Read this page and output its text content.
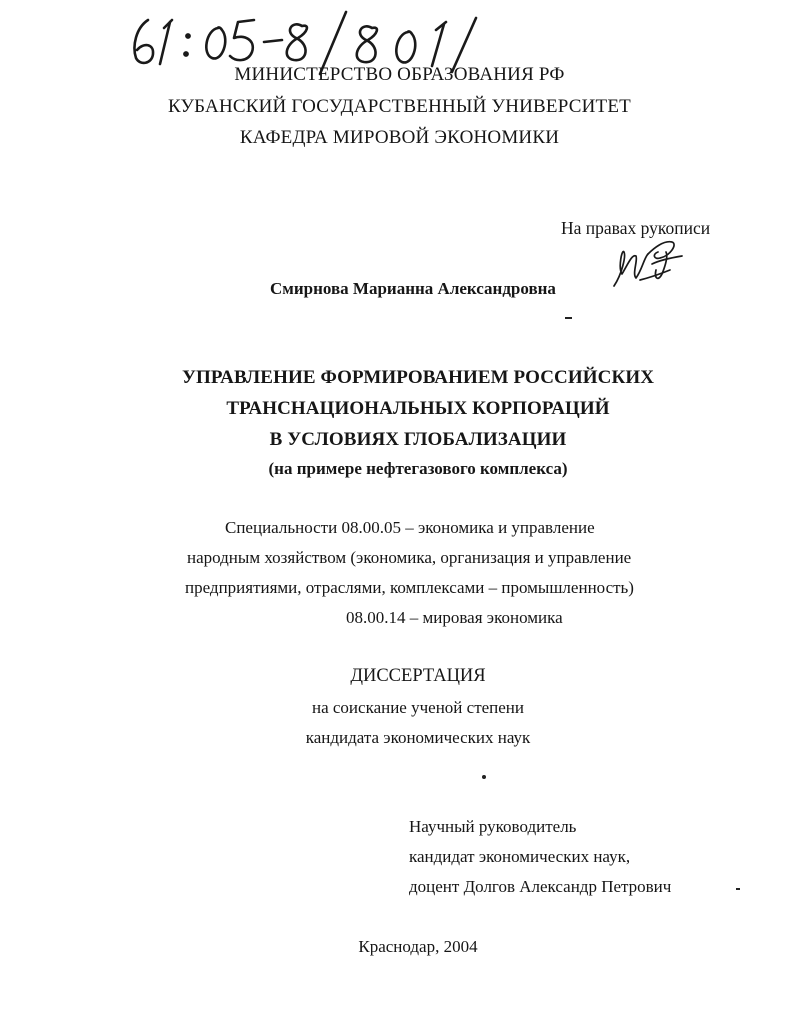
МИНИСТЕРСТВО ОБРАЗОВАНИЯ РФ
КУБАНСКИЙ ГОСУДАРСТВЕННЫЙ УНИВЕРСИТЕТ
КАФЕДРА МИРОВОЙ ЭКОНОМИКИ
На правах рукописи
Смирнова Марианна Александровна
УПРАВЛЕНИЕ ФОРМИРОВАНИЕМ РОССИЙСКИХ
ТРАНСНАЦИОНАЛЬНЫХ КОРПОРАЦИЙ
В УСЛОВИЯХ ГЛОБАЛИЗАЦИИ
(на примере нефтегазового комплекса)
Специальности 08.00.05 – экономика и управление
народным хозяйством (экономика, организация и управление
предприятиями, отраслями, комплексами – промышленность)
08.00.14 – мировая экономика
ДИССЕРТАЦИЯ
на соискание ученой степени
кандидата экономических наук
Научный руководитель
кандидат экономических наук,
доцент Долгов Александр Петрович
Краснодар, 2004
